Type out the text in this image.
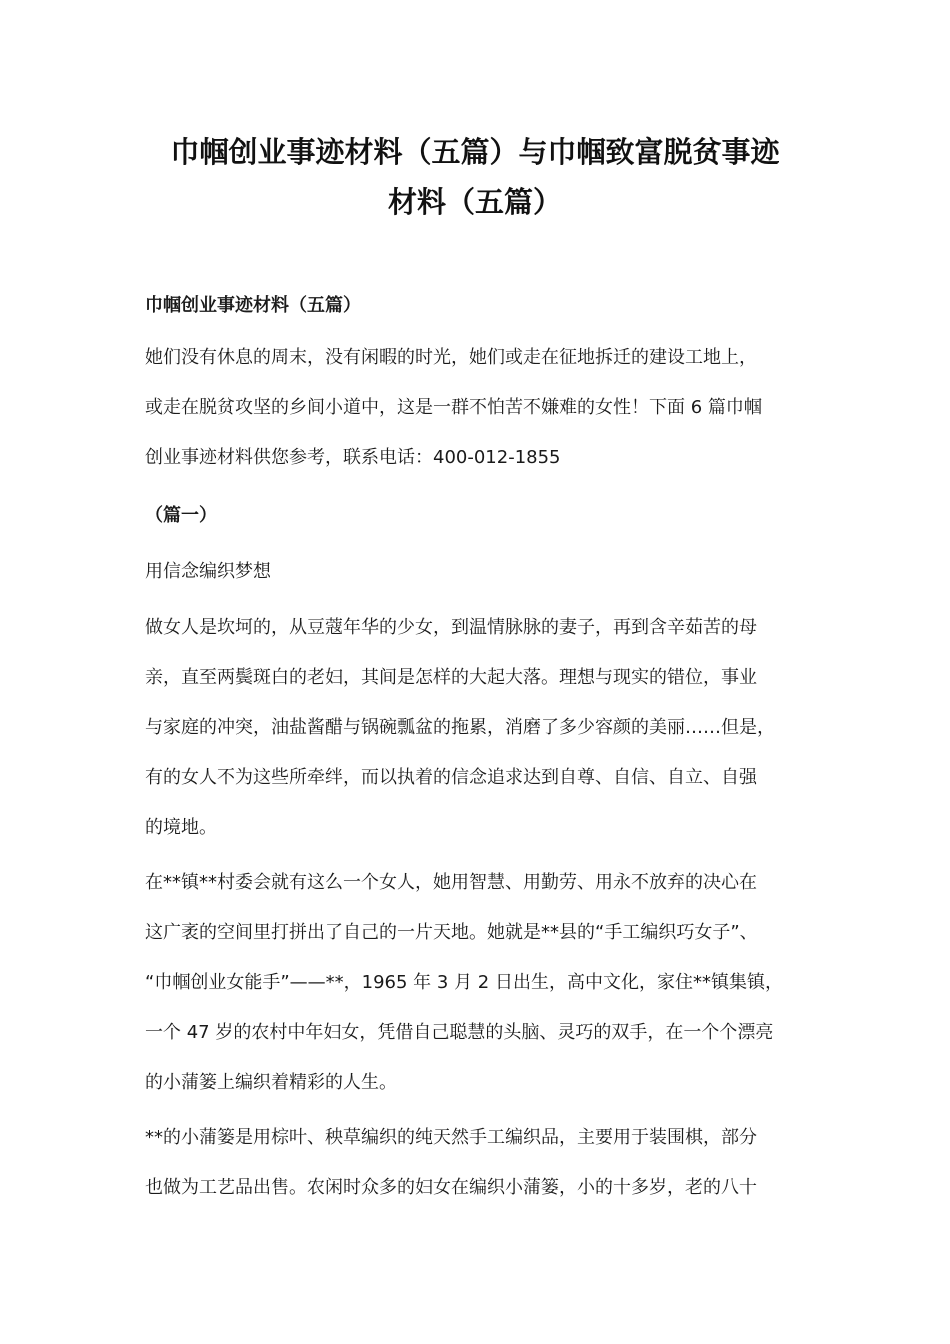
巾帼创业事迹材料（五篇）与巾帼致富脱贫事迹
材料（五篇）
巾帼创业事迹材料（五篇）

她们没有休息的周末，没有闲暇的时光，她们或走在征地拆迁的建设工地上，
或走在脱贫攻坚的乡间小道中，这是一群不怕苦不嫌难的女性！下面 6 篇巾帼
创业事迹材料供您参考，联系电话：400-012-1855

（篇一）
用信念编织梦想

做女人是坎坷的，从豆蔻年华的少女，到温情脉脉的妻子，再到含辛茹苦的母
亲，直至两鬓斑白的老妇，其间是怎样的大起大落。理想与现实的错位，事业
与家庭的冲突，油盐酱醋与锅碗瓢盆的拖累，消磨了多少容颜的美丽……但是，
有的女人不为这些所牵绊，而以执着的信念追求达到自尊、自信、自立、自强
的境地。

在**镇**村委会就有这么一个女人，她用智慧、用勤劳、用永不放弃的决心在
这广袤的空间里打拼出了自己的一片天地。她就是**县的“手工编织巧女子”、
“巾帼创业女能手”——**，1965 年 3 月 2 日出生，高中文化，家住**镇集镇，
一个 47 岁的农村中年妇女，凭借自己聪慧的头脑、灵巧的双手，在一个个漂亮
的小蒲篓上编织着精彩的人生。

**的小蒲篓是用棕叶、秧草编织的纯天然手工编织品，主要用于装围棋，部分
也做为工艺品出售。农闲时众多的妇女在编织小蒲篓，小的十多岁，老的八十
